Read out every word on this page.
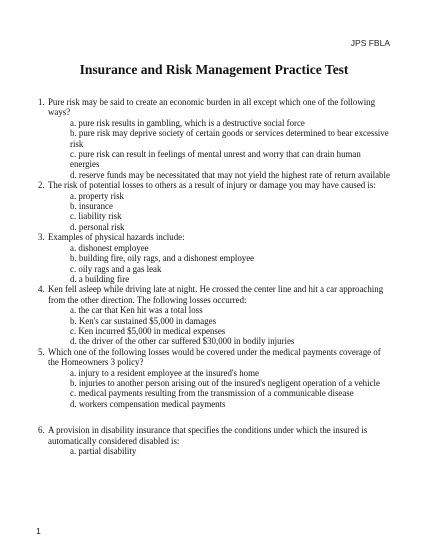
JPS FBLA
Insurance and Risk Management Practice Test
1. Pure risk may be said to create an economic burden in all except which one of the following ways?
a. pure risk results in gambling, which is a destructive social force
b. pure risk may deprive society of certain goods or services determined to bear excessive risk
c. pure risk can result in feelings of mental unrest and worry that can drain human energies
d. reserve funds may be necessitated that may not yield the highest rate of return available
2. The risk of potential losses to others as a result of injury or damage you may have caused is:
a. property risk
b. insurance
c. liability risk
d. personal risk
3. Examples of physical hazards include:
a. dishonest employee
b. building fire, oily rags, and a dishonest employee
c. oily rags and a gas leak
d. a building fire
4. Ken fell asleep while driving late at night. He crossed the center line and hit a car approaching from the other direction. The following losses occurred:
a. the car that Ken hit was a total loss
b. Ken's car sustained $5,000 in damages
c. Ken incurred $5,000 in medical expenses
d. the driver of the other car suffered $30,000 in bodily injuries
5. Which one of the following losses would be covered under the medical payments coverage of the Homeowners 3 policy?
a. injury to a resident employee at the insured's home
b. injuries to another person arising out of the insured's negligent operation of a vehicle
c. medical payments resulting from the transmission of a communicable disease
d. workers compensation medical payments
6. A provision in disability insurance that specifies the conditions under which the insured is automatically considered disabled is:
a. partial disability
1
